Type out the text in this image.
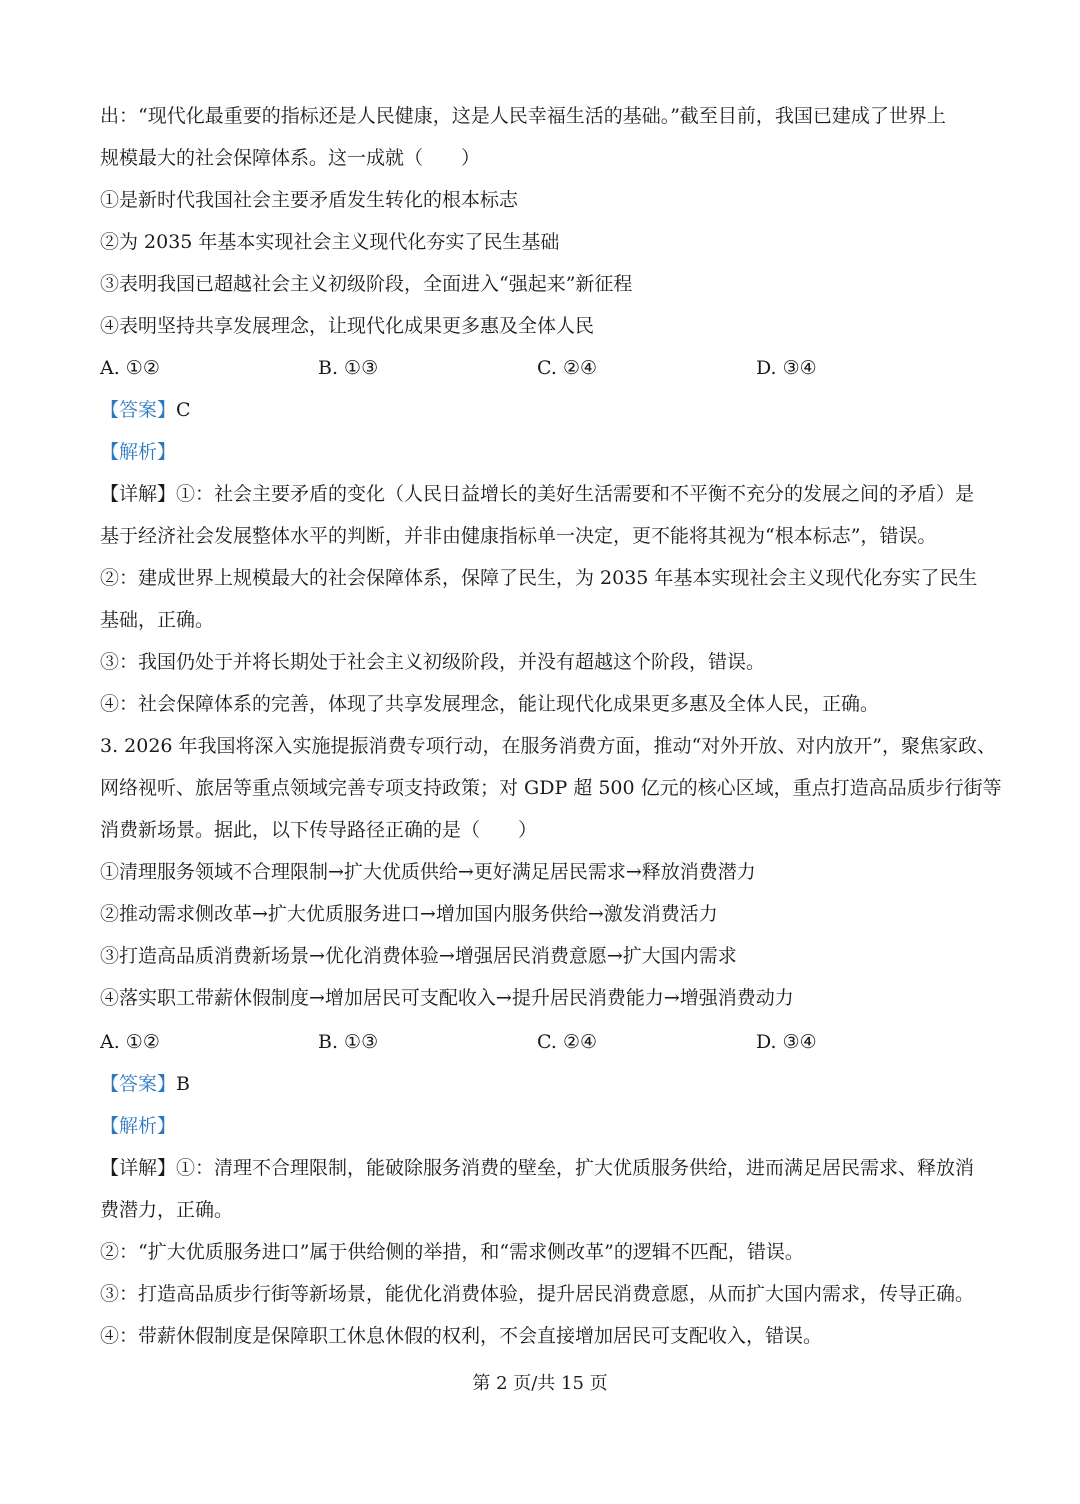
出：“现代化最重要的指标还是人民健康，这是人民幸福生活的基础。”截至目前，我国已建成了世界上
规模最大的社会保障体系。这一成就（　　）
①是新时代我国社会主要矛盾发生转化的根本标志
②为 2035 年基本实现社会主义现代化夯实了民生基础
③表明我国已超越社会主义初级阶段，全面进入“强起来”新征程
④表明坚持共享发展理念，让现代化成果更多惠及全体人民
A. ①②	B. ①③	C. ②④	D. ③④
【答案】C
【解析】
【详解】①：社会主要矛盾的变化（人民日益增长的美好生活需要和不平衡不充分的发展之间的矛盾）是
基于经济社会发展整体水平的判断，并非由健康指标单一决定，更不能将其视为“根本标志”，错误。
②：建成世界上规模最大的社会保障体系，保障了民生，为 2035 年基本实现社会主义现代化夯实了民生
基础，正确。
③：我国仍处于并将长期处于社会主义初级阶段，并没有超越这个阶段，错误。
④：社会保障体系的完善，体现了共享发展理念，能让现代化成果更多惠及全体人民，正确。
3. 2026 年我国将深入实施提振消费专项行动，在服务消费方面，推动“对外开放、对内放开”，聚焦家政、
网络视听、旅居等重点领域完善专项支持政策；对 GDP 超 500 亿元的核心区域，重点打造高品质步行街等
消费新场景。据此，以下传导路径正确的是（　　）
①清理服务领域不合理限制→扩大优质供给→更好满足居民需求→释放消费潜力
②推动需求侧改革→扩大优质服务进口→增加国内服务供给→激发消费活力
③打造高品质消费新场景→优化消费体验→增强居民消费意愿→扩大国内需求
④落实职工带薪休假制度→增加居民可支配收入→提升居民消费能力→增强消费动力
A. ①②	B. ①③	C. ②④	D. ③④
【答案】B
【解析】
【详解】①：清理不合理限制，能破除服务消费的壁垒，扩大优质服务供给，进而满足居民需求、释放消
费潜力，正确。
②：“扩大优质服务进口”属于供给侧的举措，和“需求侧改革”的逻辑不匹配，错误。
③：打造高品质步行街等新场景，能优化消费体验，提升居民消费意愿，从而扩大国内需求，传导正确。
④：带薪休假制度是保障职工休息休假的权利，不会直接增加居民可支配收入，错误。
第 2 页/共 15 页
